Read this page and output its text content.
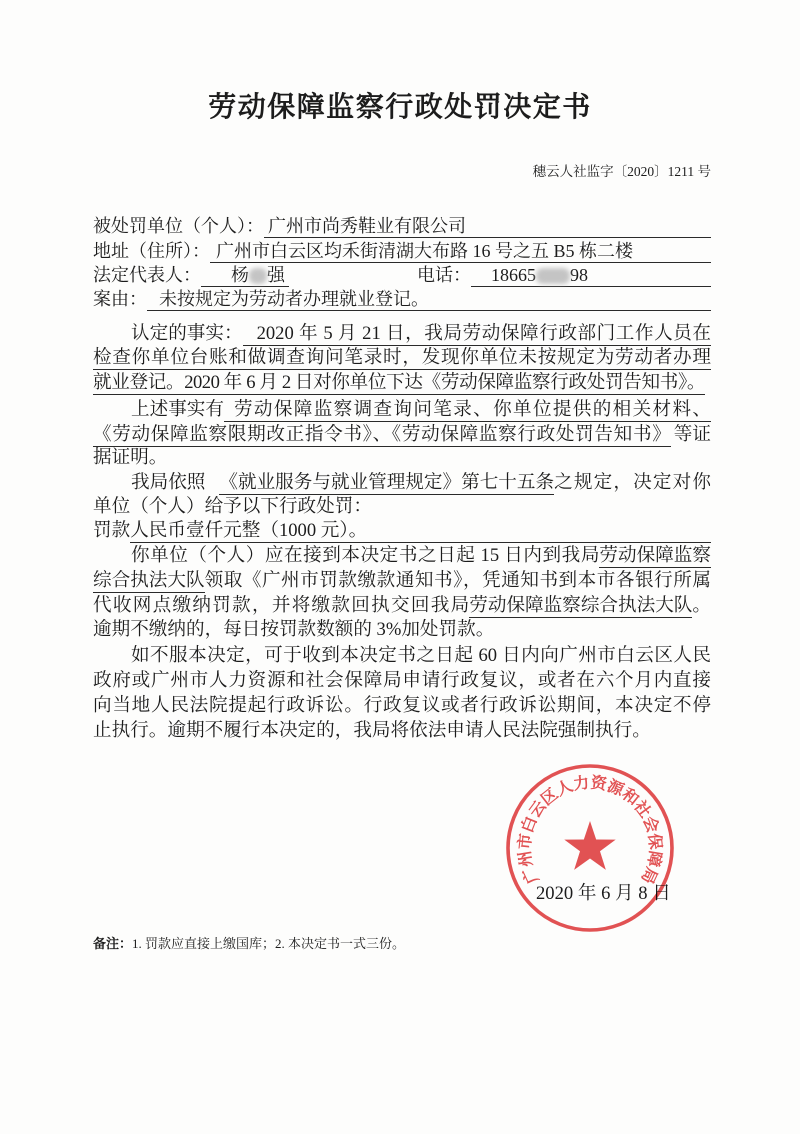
劳动保障监察行政处罚决定书
穗云人社监字〔2020〕1211 号
被处罚单位（个人）： 广州市尚秀鞋业有限公司
地址（住所）： 广州市白云区均禾街清湖大布路 16 号之五 B5 栋二楼
法定代表人：	杨 强	电话：	18665 98
案由： 未按规定为劳动者办理就业登记。
认定的事实： 2020 年 5 月 21 日，我局劳动保障行政部门工作人员在
检查你单位台账和做调查询问笔录时，发现你单位未按规定为劳动者办理
就业登记。2020 年 6 月 2 日对你单位下达《劳动保障监察行政处罚告知书》。
上述事实有 劳动保障监察调查询问笔录、你单位提供的相关材料、
《劳动保障监察限期改正指令书》、《劳动保障监察行政处罚告知书》 等证
据证明。
我局依照 《就业服务与就业管理规定》第七十五条 之规定，决定对你
单位（个人）给予以下行政处罚：
罚款 人民币壹仟元整（1000 元）。
你单位（个人）应在接到本决定书之日起 15 日内到我局 劳动保障监察
综合执法大队 领取《广州市罚款缴款通知书》，凭通知书到本市各银行所属
代收网点缴纳罚款，并将缴款回执交回我局 劳动保障监察综合执法大队 。
逾期不缴纳的，每日按罚款数额的 3%加处罚款。
如不服本决定，可于收到本决定书之日起 60 日内向广州市白云区人民
政府或广州市人力资源和社会保障局申请行政复议，或者在六个月内直接
向当地人民法院提起行政诉讼。行政复议或者行政诉讼期间，本决定不停
止执行。逾期不履行本决定的，我局将依法申请人民法院强制执行。
2020 年 6 月 8 日
广州市白云区人力资源和社会保障局
备注：1. 罚款应直接上缴国库；2. 本决定书一式三份。
